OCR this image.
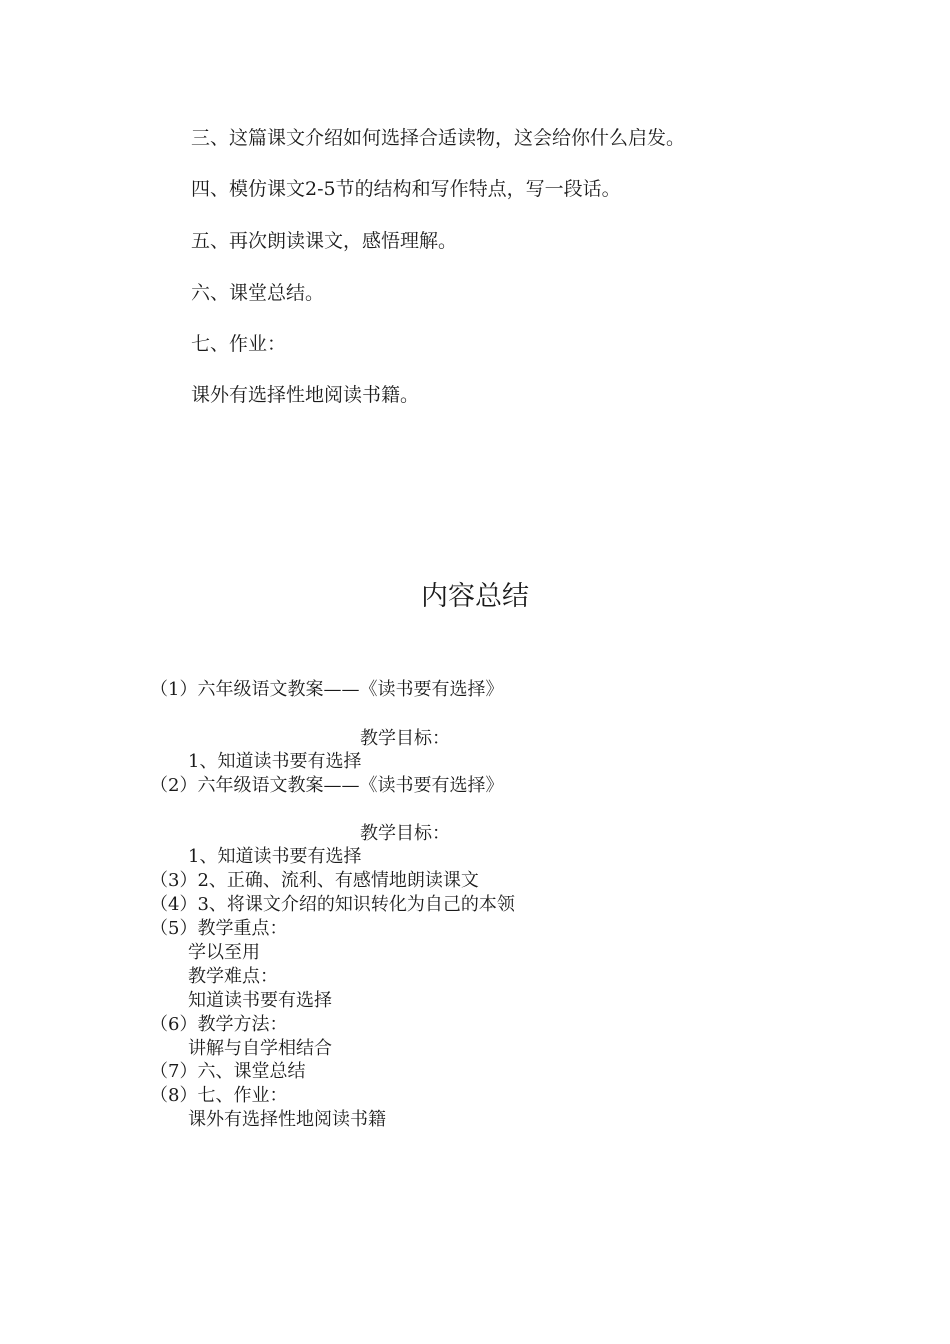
三、这篇课文介绍如何选择合适读物，这会给你什么启发。
四、模仿课文2-5节的结构和写作特点，写一段话。
五、再次朗读课文，感悟理解。
六、课堂总结。
七、作业：
课外有选择性地阅读书籍。
内容总结
（1）六年级语文教案——《读书要有选择》
教学目标：
1、知道读书要有选择
（2）六年级语文教案——《读书要有选择》
教学目标：
1、知道读书要有选择
（3）2、正确、流利、有感情地朗读课文
（4）3、将课文介绍的知识转化为自己的本领
（5）教学重点：
学以至用
教学难点：
知道读书要有选择
（6）教学方法：
讲解与自学相结合
（7）六、课堂总结
（8）七、作业：
课外有选择性地阅读书籍
